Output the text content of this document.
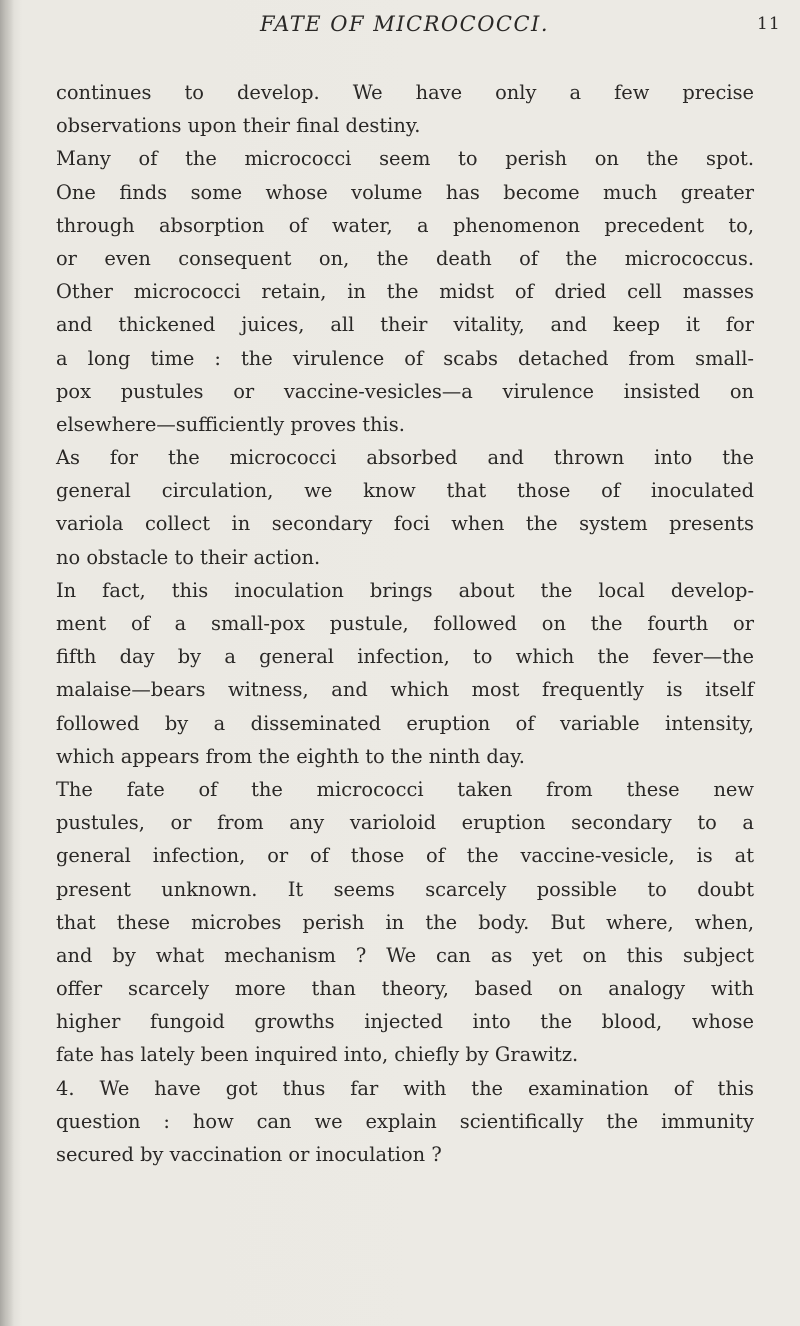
FATE OF MICROCOCCI.	11
continues to develop. We have only a few precise
observations upon their final destiny.
Many of the micrococci seem to perish on the spot.
One finds some whose volume has become much greater
through absorption of water, a phenomenon precedent to,
or even consequent on, the death of the micrococcus.
Other micrococci retain, in the midst of dried cell masses
and thickened juices, all their vitality, and keep it for
a long time : the virulence of scabs detached from small-
pox pustules or vaccine-vesicles—a virulence insisted on
elsewhere—sufficiently proves this.
As for the micrococci absorbed and thrown into the
general circulation, we know that those of inoculated
variola collect in secondary foci when the system presents
no obstacle to their action.
In fact, this inoculation brings about the local develop-
ment of a small-pox pustule, followed on the fourth or
fifth day by a general infection, to which the fever—the
malaise—bears witness, and which most frequently is itself
followed by a disseminated eruption of variable intensity,
which appears from the eighth to the ninth day.
The fate of the micrococci taken from these new
pustules, or from any varioloid eruption secondary to a
general infection, or of those of the vaccine-vesicle, is at
present unknown. It seems scarcely possible to doubt
that these microbes perish in the body. But where, when,
and by what mechanism ? We can as yet on this subject
offer scarcely more than theory, based on analogy with
higher fungoid growths injected into the blood, whose
fate has lately been inquired into, chiefly by Grawitz.
4. We have got thus far with the examination of this
question : how can we explain scientifically the immunity
secured by vaccination or inoculation ?
